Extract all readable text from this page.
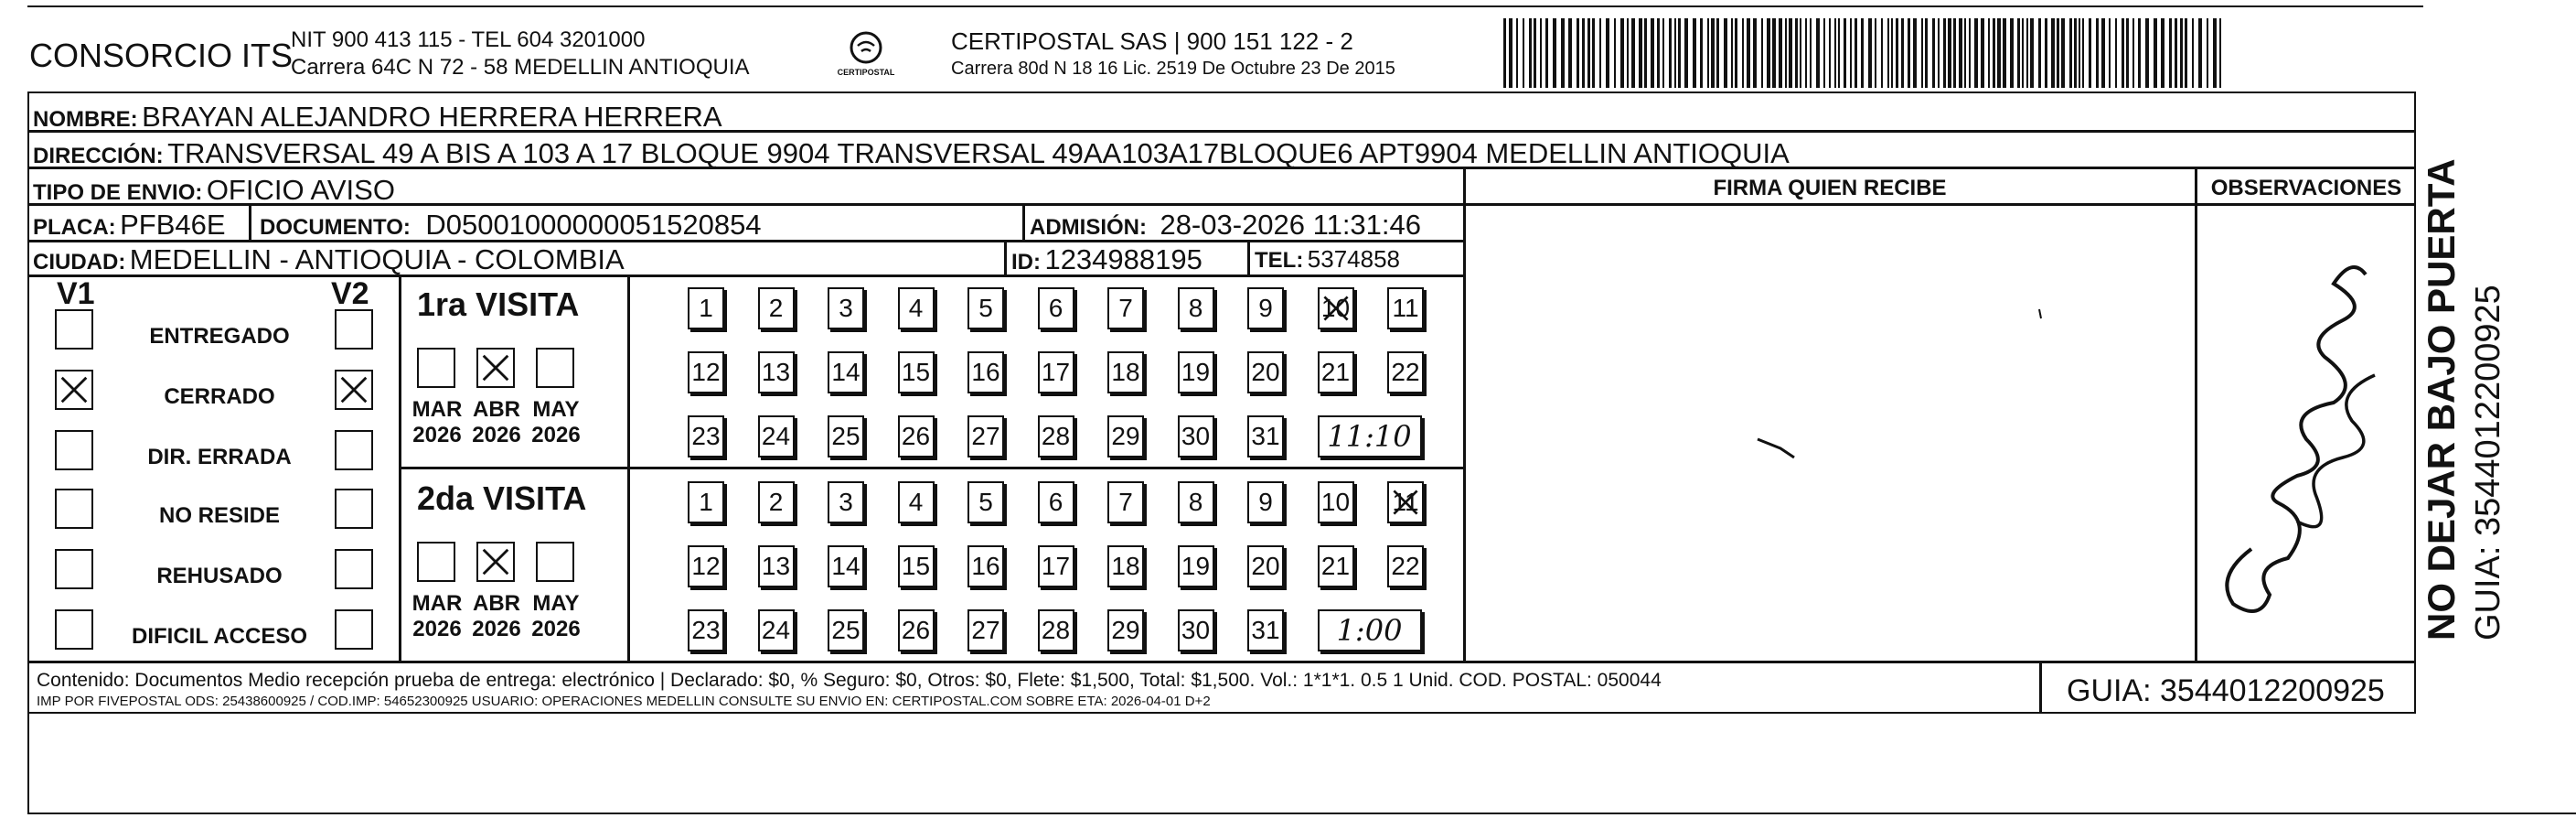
CONSORCIO ITS
NIT 900 413 115 - TEL 604 3201000
Carrera 64C N 72 - 58 MEDELLIN ANTIOQUIA	CERTIPOSTAL
CERTIPOSTAL SAS | 900 151 122 - 2
Carrera 80d N 18 16 Lic. 2519 De Octubre 23 De 2015
NOMBRE: BRAYAN ALEJANDRO HERRERA HERRERA
DIRECCIÓN: TRANSVERSAL 49 A BIS A 103 A 17 BLOQUE 9904 TRANSVERSAL 49AA103A17BLOQUE6 APT9904 MEDELLIN ANTIOQUIA
TIPO DE ENVIO: OFICIO AVISO
PLACA: PFB46E DOCUMENTO: D05001000000051520854	ADMISIÓN: 28-03-2026 11:31:46
CIUDAD: MEDELLIN - ANTIOQUIA - COLOMBIA	ID: 1234988195 TEL: 5374858
FIRMA QUIEN RECIBE	OBSERVACIONES
V1	V2
ENTREGADO
CERRADO
DIR. ERRADA
NO RESIDE
REHUSADO
DIFICIL ACCESO
1ra VISITA
MAR
2026
ABR
2026
MAY
2026
1	2	3	4	5	6	7	8	9	10 11
12 13 14 15 16 17 18 19 20 21 22
23 24 25 26 27 28 29 30 31	11:10
2da VISITA
MAR
2026
ABR
2026
MAY
2026
1	2	3	4	5	6	7	8	9	10 11
12 13 14 15 16 17 18 19 20 21 22
23 24 25 26 27 28 29 30 31	1:00
Contenido: Documentos Medio recepción prueba de entrega: electrónico | Declarado: $0, % Seguro: $0, Otros: $0, Flete: $1,500, Total: $1,500. Vol.: 1*1*1. 0.5 1 Unid. COD. POSTAL: 050044
IMP POR FIVEPOSTAL ODS: 25438600925 / COD.IMP: 54652300925 USUARIO: OPERACIONES MEDELLIN CONSULTE SU ENVIO EN: CERTIPOSTAL.COM SOBRE ETA: 2026-04-01 D+2	GUIA: 3544012200925
NO DEJAR BAJO PUERTA GUIA: 3544012200925
